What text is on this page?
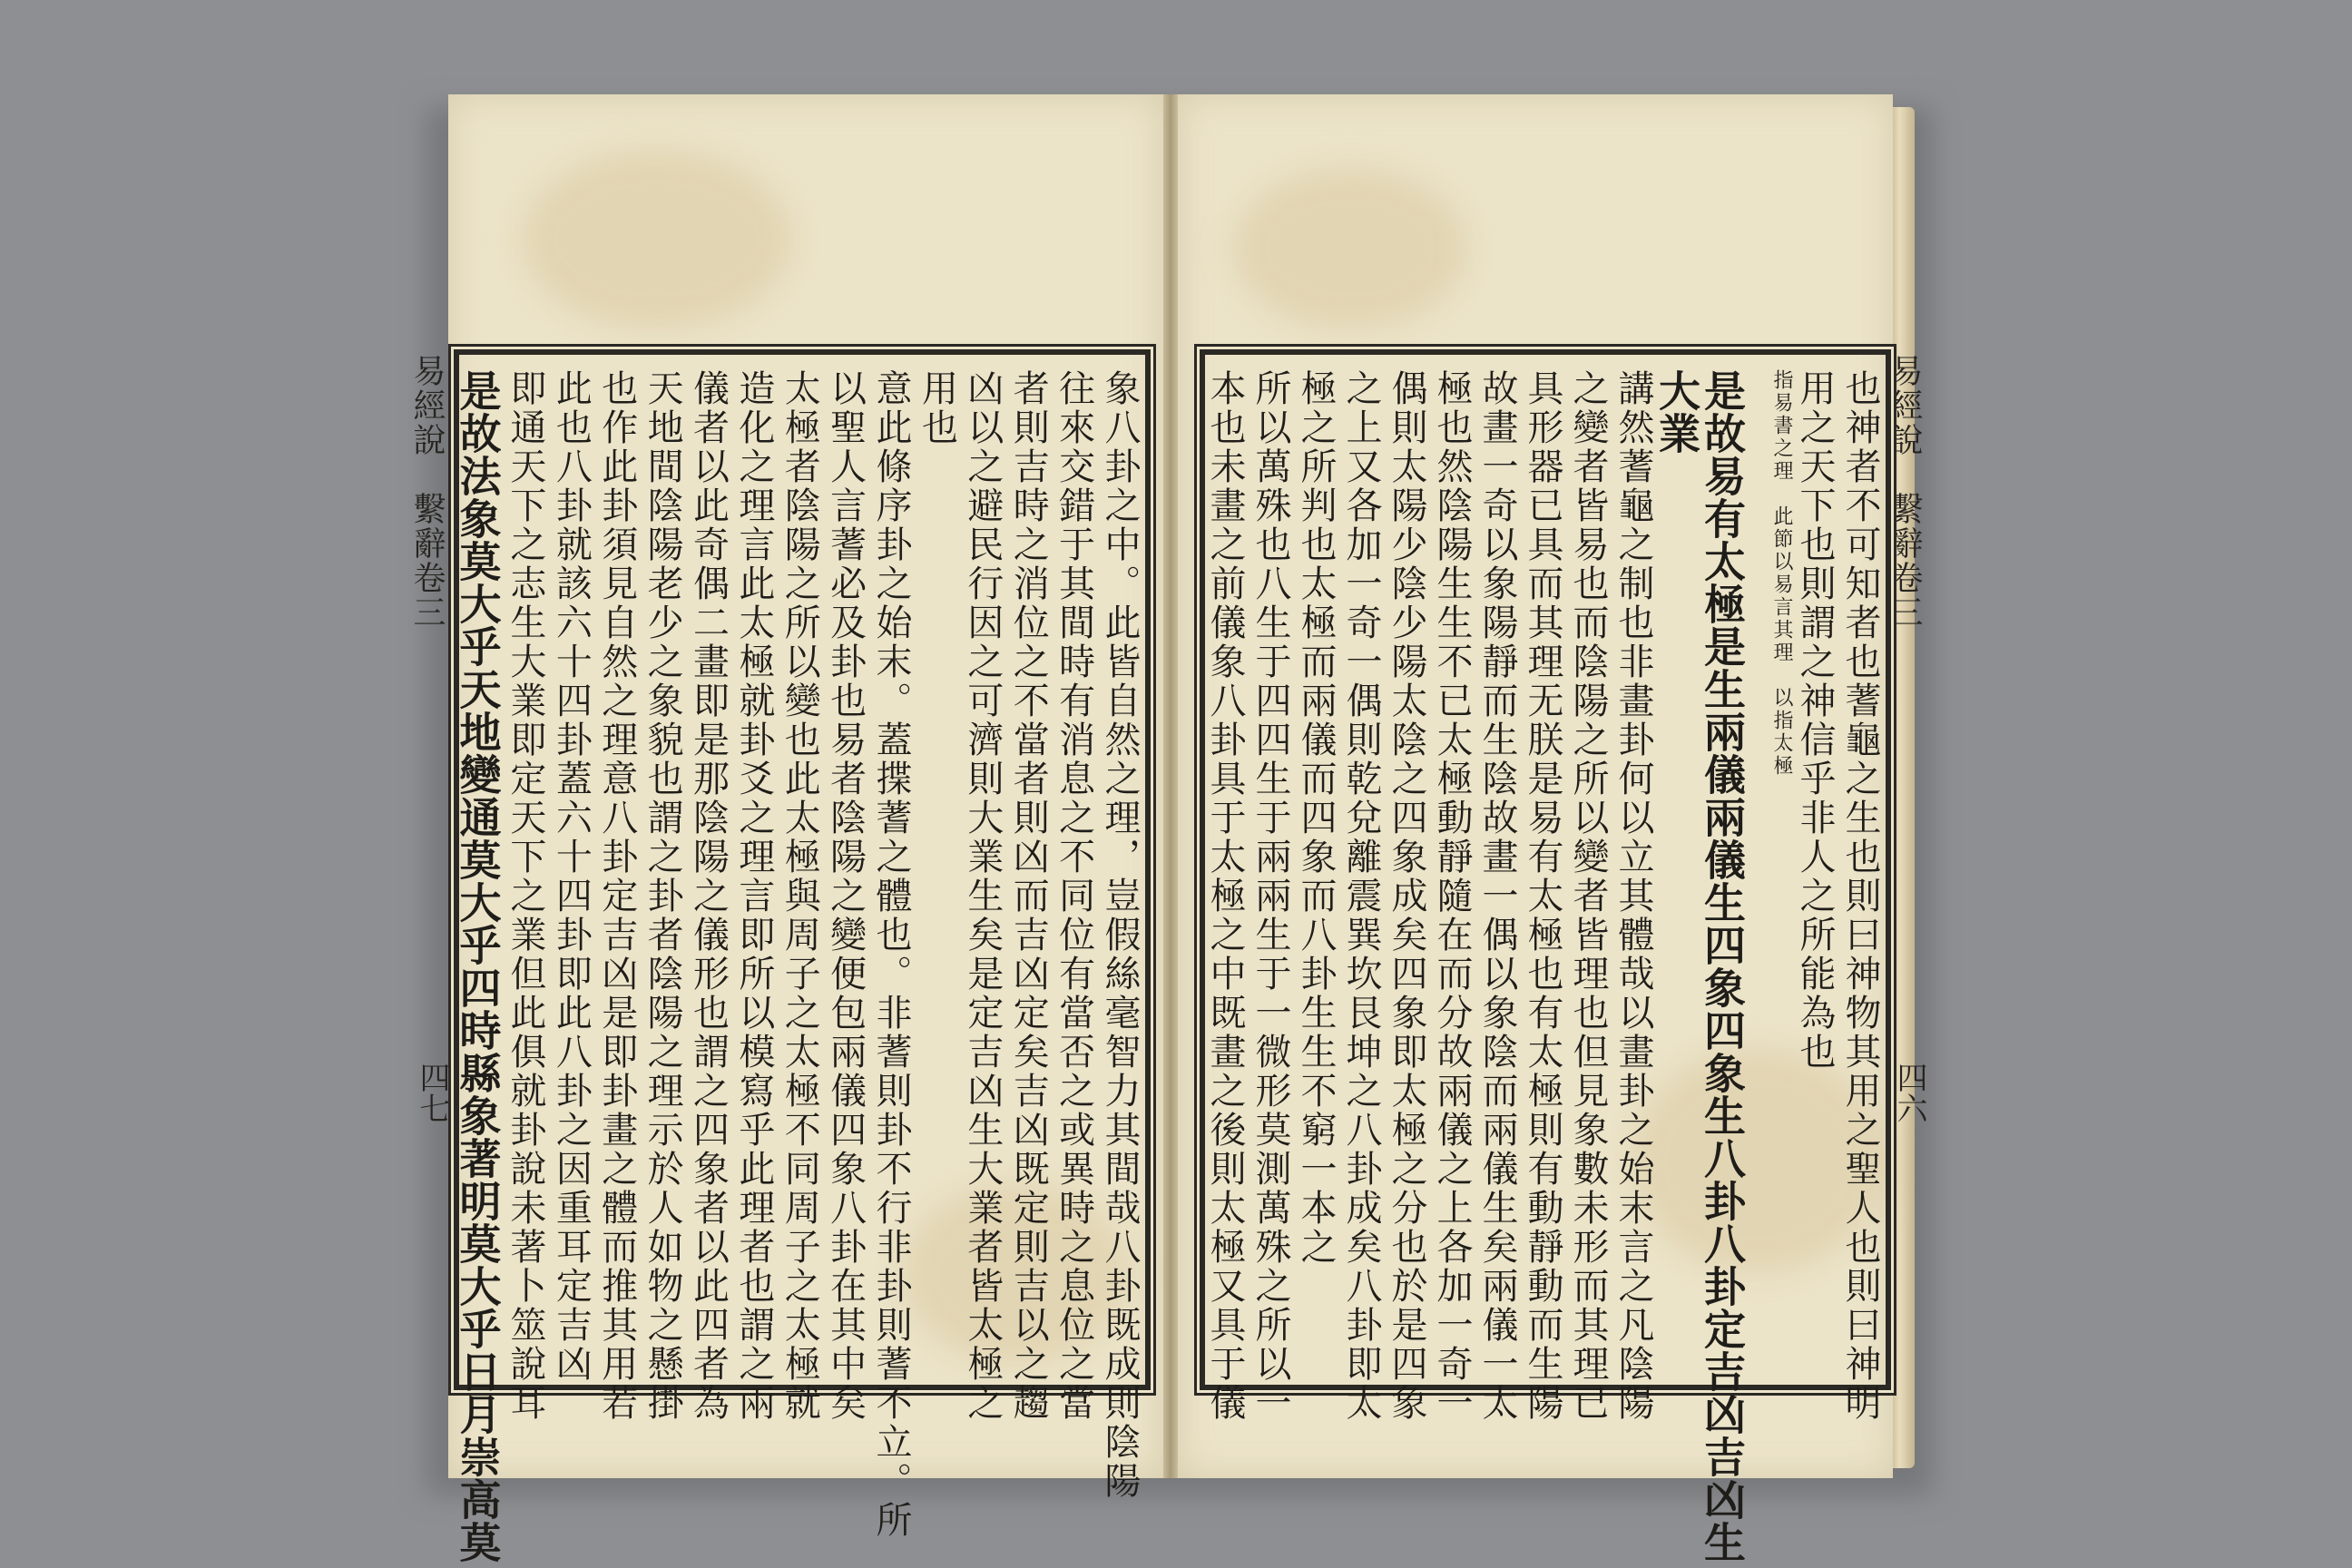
易經說　繫辭卷三
四七
易經說　繫辭卷三
四六
象八卦之中。此皆自然之理，豈假絲毫智力其間哉八卦既成則陰陽
往來交錯于其間時有消息之不同位有當否之或異時之息位之當
者則吉時之消位之不當者則凶而吉凶定矣吉凶既定則吉以之趨
凶以之避民行因之可濟則大業生矣是定吉凶生大業者皆太極之
用也
意此條序卦之始末。蓋揲蓍之體也。非蓍則卦不行非卦則蓍不立。所
以聖人言蓍必及卦也易者陰陽之變便包兩儀四象八卦在其中矣
太極者陰陽之所以變也此太極與周子之太極不同周子之太極就
造化之理言此太極就卦爻之理言即所以模寫乎此理者也謂之兩
儀者以此奇偶二畫即是那陰陽之儀形也謂之四象者以此四者為
天地間陰陽老少之象貌也謂之卦者陰陽之理示於人如物之懸掛
也作此卦須見自然之理意八卦定吉凶是即卦畫之體而推其用若
此也八卦就該六十四卦蓋六十四卦即此八卦之因重耳定吉凶
即通天下之志生大業即定天下之業但此俱就卦說未著卜筮說耳
是故法象莫大乎天地變通莫大乎四時縣象著明莫大乎日月崇高莫	也神者不可知者也蓍龜之生也則曰神物其用之聖人也則曰神明
用之天下也則謂之神信乎非人之所能為也
指易書之理　此節以易言其理　以指太極
是故易有太極是生兩儀兩儀生四象四象生八卦八卦定吉凶吉凶生
大業
講然蓍龜之制也非畫卦何以立其體哉以畫卦之始末言之凡陰陽
之變者皆易也而陰陽之所以變者皆理也但見象數未形而其理已
具形器已具而其理无朕是易有太極也有太極則有動靜動而生陽
故畫一奇以象陽靜而生陰故畫一偶以象陰而兩儀生矣兩儀一太
極也然陰陽生生不已太極動靜隨在而分故兩儀之上各加一奇一
偶則太陽少陰少陽太陰之四象成矣四象即太極之分也於是四象
之上又各加一奇一偶則乾兌離震巽坎艮坤之八卦成矣八卦即太
極之所判也太極而兩儀而四象而八卦生生不窮一本之
所以萬殊也八生于四四生于兩兩生于一微形莫測萬殊之所以一
本也未畫之前儀象八卦具于太極之中既畫之後則太極又具于儀
